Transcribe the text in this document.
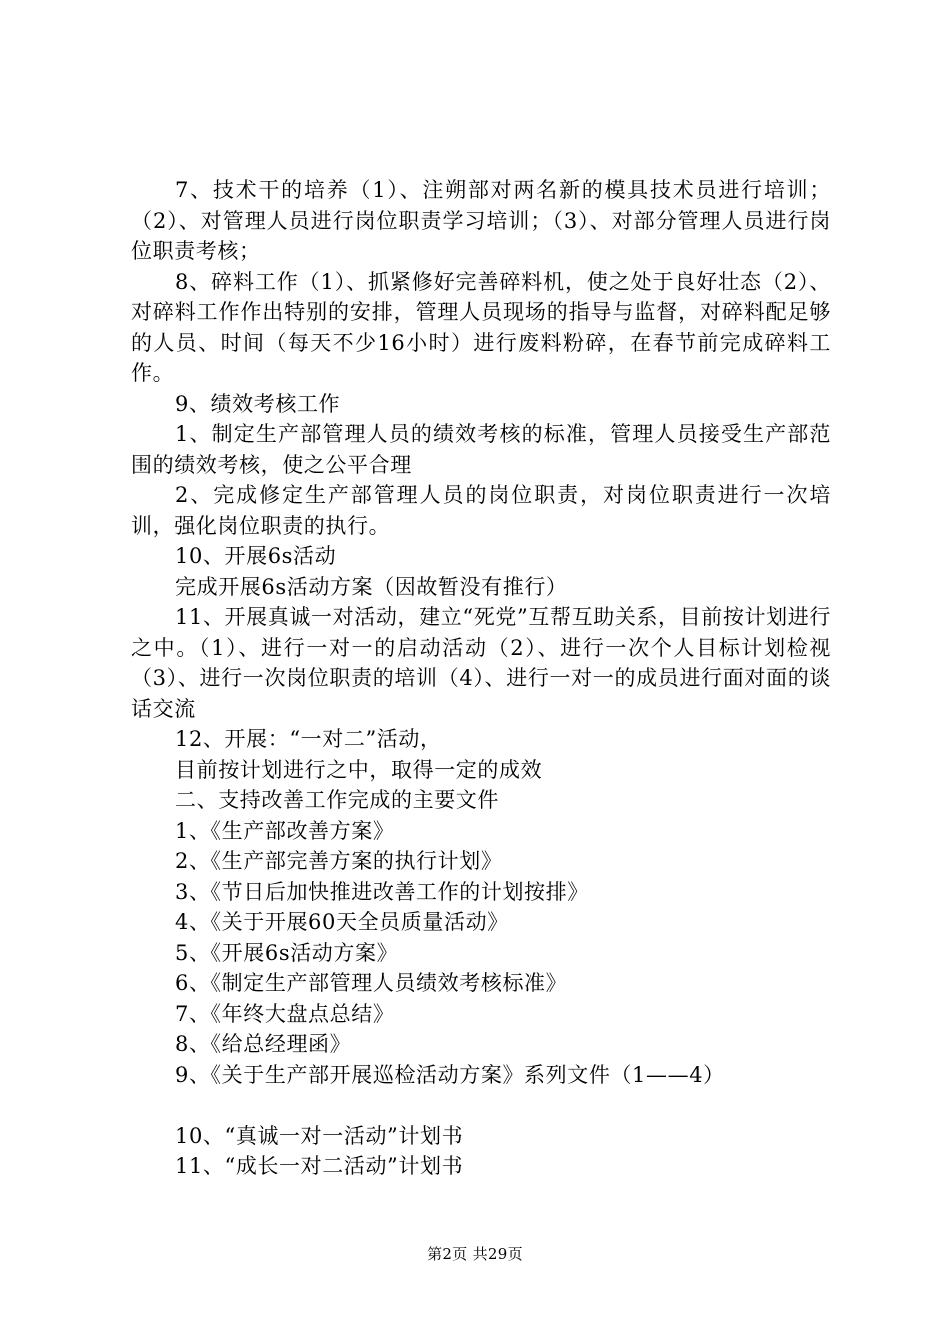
7、技术干的培养（1）、注朔部对两名新的模具技术员进行培训；（2）、对管理人员进行岗位职责学习培训；（3）、对部分管理人员进行岗位职责考核；

8、碎料工作（1）、抓紧修好完善碎料机，使之处于良好壮态（2）、对碎料工作作出特别的安排，管理人员现场的指导与监督，对碎料配足够的人员、时间（每天不少16小时）进行废料粉碎，在春节前完成碎料工作。

9、绩效考核工作

1、制定生产部管理人员的绩效考核的标准，管理人员接受生产部范围的绩效考核，使之公平合理

2、完成修定生产部管理人员的岗位职责，对岗位职责进行一次培训，强化岗位职责的执行。

10、开展6s活动

完成开展6s活动方案（因故暂没有推行）

11、开展真诚一对活动，建立“死党”互帮互助关系，目前按计划进行之中。（1）、进行一对一的启动活动（2）、进行一次个人目标计划检视（3）、进行一次岗位职责的培训（4）、进行一对一的成员进行面对面的谈话交流

12、开展：“一对二”活动，

目前按计划进行之中，取得一定的成效

二、支持改善工作完成的主要文件

1、《生产部改善方案》

2、《生产部完善方案的执行计划》

3、《节日后加快推进改善工作的计划按排》

4、《关于开展60天全员质量活动》

5、《开展6s活动方案》

6、《制定生产部管理人员绩效考核标准》

7、《年终大盘点总结》

8、《给总经理函》

9、《关于生产部开展巡检活动方案》系列文件（1——4）

10、“真诚一对一活动”计划书

11、“成长一对二活动”计划书

第2页 共29页
